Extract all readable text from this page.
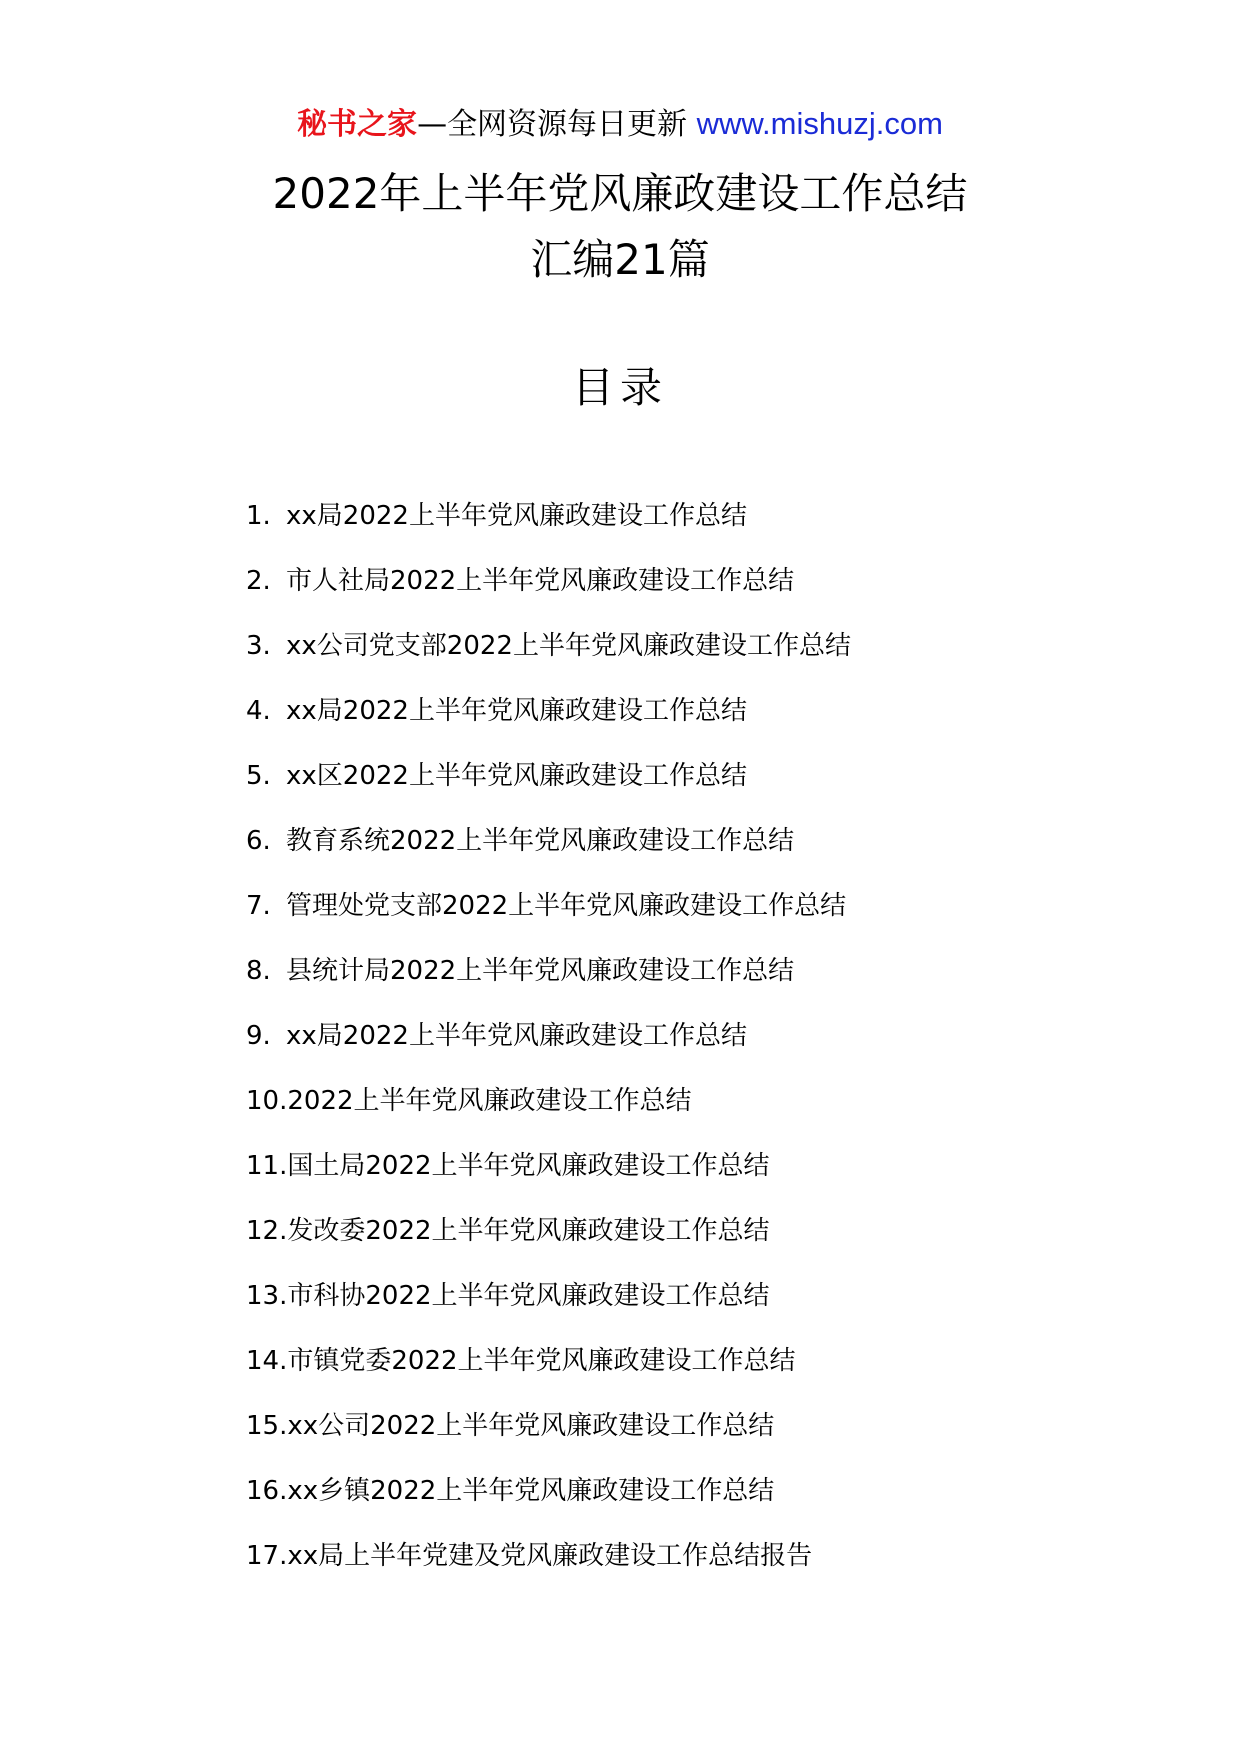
秘书之家—全网资源每日更新 www.mishuzj.com
2022年上半年党风廉政建设工作总结
汇编21篇
目录
1. xx局2022上半年党风廉政建设工作总结
2. 市人社局2022上半年党风廉政建设工作总结
3. xx公司党支部2022上半年党风廉政建设工作总结
4. xx局2022上半年党风廉政建设工作总结
5. xx区2022上半年党风廉政建设工作总结
6. 教育系统2022上半年党风廉政建设工作总结
7. 管理处党支部2022上半年党风廉政建设工作总结
8. 县统计局2022上半年党风廉政建设工作总结
9. xx局2022上半年党风廉政建设工作总结
10.2022上半年党风廉政建设工作总结
11.国土局2022上半年党风廉政建设工作总结
12.发改委2022上半年党风廉政建设工作总结
13.市科协2022上半年党风廉政建设工作总结
14.市镇党委2022上半年党风廉政建设工作总结
15.xx公司2022上半年党风廉政建设工作总结
16.xx乡镇2022上半年党风廉政建设工作总结
17.xx局上半年党建及党风廉政建设工作总结报告
